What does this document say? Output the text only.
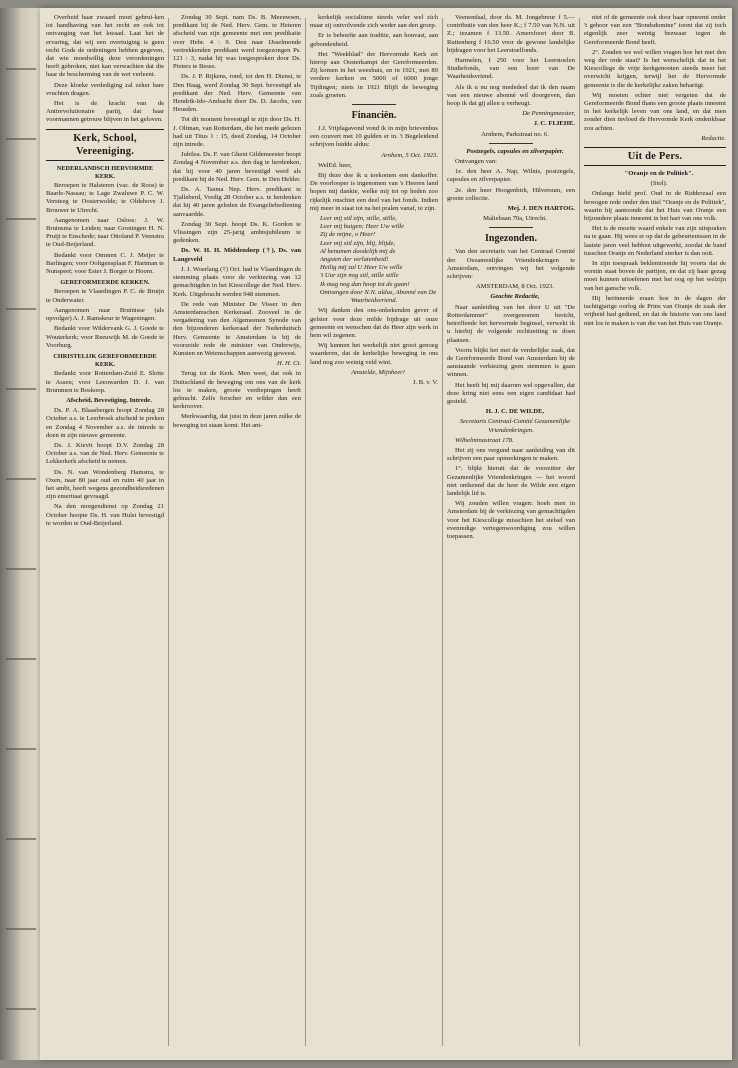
Overheid haar zwaard moet gebrui-ken tot handhaving van het recht en ook tot ontvanging van het kwaad. Laat het de ervaring, dat wij een overtuiging is geen recht Gods de ordeningen hebben gegeven, dat wie moedwillig deze verordeningen heeft gebroken, niet kan verwachten dat die haar de bescherming van de wet verleent.

Deze kloeke verdediging zal zeker hare vruchten dragen.

Het is de kracht van de Antirevolutionaire partij, dat haar voormannen getrouw blijven in het geloven.

Kerk, School, Vereeniging.
NEDERLANDSCH HERVORMDE KERK.

Beroepen te Halsteren (vac. de Roos) te Baarle-Nassau; te Lage Zwaluwe P. C. W. Versteeg te Oosterwolde; te Oldehove J. Brouwer te Utrecht.

Aangenomen naar Osloss: J. W. Bruinsma te Leiden; naar Groningen H. N. Pruijt te Enschede; naar Ottoland P. Veenstra te Oud-Beijerland.

Bedankt voor Ommen C. J. Meijer te Barlingen; voor Ooltgensplaat F. Hartman te Nunspeet; voor Ester J. Borger te Hoorn.

GEREFORMEERDE KERKEN.

Beroepen te Vlaardingen P. C. de Bruijn te Onderwater.

Aangenomen naar Bruinisse (als opvolger) A. J. Ramskeur te Wageningen.

Bedankt voor Wildervank G. J. Goede te Wouterkerk; voor Reeuwijk M. de Goede te Voorburg.

CHRISTELIJK GEREFORMEERDE KERK.

Bedankt voor Rotterdam-Zuid E. Slotte te Assen; voor Leeuwarden D. J. van Brummen te Boskoop.

Afscheid, Bevestiging, Intrede.

Ds. P. A. Blaasbergen hoopt Zondag 28 October a.s. te Leerbroek afscheid te preken en Zondag 4 November a.s. de intrede te doen in zijn nieuwe gemeente.

Ds. J. Kievit hoopt D.V. Zondag 28 October a.s. van de Ned. Herv. Gemeente te Lekkerkerk afscheid te nemen.

Ds. N. van Wondenberg Hamstra, te Oxen, naar 80 jaar oud en ruim 40 jaar in het ambt, heeft wegens gezondheidsredenen zijn emeritaat gevraagd.

Na den morgendienst op Zondag 21 October hoopte Ds. H. van Hulst bevestigd te worden te Oud-Beijerland.

Zondag 30 Sept. nam Ds. B. Meeuwsen, predikant bij de Ned. Herv. Gem. te Heteren afscheid van zijn gemeente met een predikatie over Hebr. 4 : 9. Den naar IJsselmonde vertrekkenden predikant werd toegezongen Ps. 121 : 3, nadat hij was toegesproken door Ds. Pieters te Besse.

Ds. J. P. Rijkens, rond, tot den H. Dienst, te Den Haag, werd Zondag 30 Sept. bevestigd als predikant der Ned. Herv. Gemeente van Hendrik-Ido-Ambacht door Ds. D. Jacobs, van Heusden.

Tot dit moment bevestigd te zijn door Ds. H. J. Oltman, van Rotterdam, die het mede gelezen had uit Titus 1 : 15, deed Zondag, 14 October zijn intrede.

Jubilea. Ds. F. van Ghent Gildemeester hoopt Zondag 4 November a.s. den dag te herdenken, dat hij voor 40 jaren bevestigd werd als predikant bij de Ned. Herv. Gem. te Den Helder.

Ds. A. Tasma Nep. Herv. predikant te Tjalleberd, Vredig 28 October a.s. te herdenken dat hij 40 jaren geleden de Evangeliebediening aanvaardde.

Zondag 30 Sept. hoopt Ds. K. Gordon te Vlissingen zijn 25-jarig ambtsjubileum te gedenken.

Ds. W. H. H. Middendorp (†), Ds. van Langeveld

J. J. Woerlang (†) Oct. had te Vlaardingen de stemming plaats voor de verkiezing van 12 gemachtigden in het Kiescollege der Ned. Herv. Kerk. Uitgebracht werden 948 stemmen.

De rede van Minister De Visser in den Amsterdamschen Kerkeraad. Zooveel in de vergadering van den Algemeenen Synode van den bijzonderen kerkeraad der Nederduitsch Herv. Gemeente te Amsterdam is bij de voorzeide rede de minister van Onderwijs, Kunsten en Wetenschappen aanwezig geweest.

H. H. Ct.

Terug tot de Kerk. Men weet, dat ook in Duitschland de beweging om ons van de kerk los te maken, groote verdiepingen heeft gebracht. Zelfs forscher en wilder dan een kerkroover.

Merkwaardig, dat juist in deze jaren zulke de beweging tot staan komt. Het ant-

kerkelijk socialisme steeds veler wel zich maar zij ontvolvende zich weder aan den groep.

Er is behoefte aan traditie, aan houvast, aan gebondenheid.

Het "Weekblad" der Hervormde Kerk zet hierop aan Oosterkampt der Gereformeerden. Zij komen in het weeshuis, en in 1921, met 80 verdere kerken en 5000 of 6000 jonge Tijdingen; niets in 1921 Blijft de beweging zoals groeien.

Financiën.

J.J. Vrijdagavond vond ik in mijn brievenbus een couvert met 10 gulden er in. 't Begeleidend schrijven luidde aldus:

Arnhem, 5 Oct. 1923.

WelEd. heer,

Bij deze doe ik u toekomen een dankoffer. De voorlooper is ingenomen van 's Heeren land hopen mij dankte, welke mij tot op heden zoo rijkelijk onschiet een deel van het fonds. Indien mij meer in staat tot na het pralen vanaf, te zijn.

Leer mij stil zijn, stille, stille,
Leer mij buigen; Heer Uw wille
Zij de mijne, o Heer!
Leer mij stil zijn, blij, blijde,
Al benamen doodelijk mij de
Angsten der verlatenheid!
Heilig mij zal U Heer Uw wille
't Uur zijn nog stil, stille stille
Ik mag nog dan hoop tot de gaan!

Ontvangen door N.N. aldus, Abonné van De Waarheidsvriend.

Wij danken den ons-onbekenden gever of gefster voor deze milde bijdrage uit onze gemeente en wenschen dat de Heer zijn werk in hem wil zegenen.

Wij kunnen het werkelijk niet groot genoeg waarderen, dat de kerkelijke beweging in ons land nog zoo weinig veld wint.

Amstelde, Mijnheer!

J. B. v. V.

Veenendaal, door ds. M. Jongebreur f 5.— contributie van den heer K.; f 7.50 van N.N. uit Z.; tezamen f 13.50. Amersfoort door B. Ruttenberg f 16.50 voor de gewone landelijke bijdragen voor het Leerstoelfonds.

Harmelen, f 250 voor het Leerstoelen Studiefonds, van een lezer van De Waarheidsvriend.

Als ik u nu nog mededeel dat ik den naam van een nieuwe abonné wil doorgeven, dan hoop ik dat gij allen u verheugt.

De Penningmeester,

J. C. FLIEHE.

Arnhem, Parkstraat no. 6.

Postzegels, capsules en zilverpapier.

Ontvangen van:

1e. den heer A. Nap, Wilnis, postzegels, capsules en zilverpapier.

2e. den heer Hoogenbirk, Hilversum, een groote collectie.

Mej. J. DEN HARTOG.

Maliebaan 70a, Utrecht.

Ingezonden.

Van den secretaris van het Centraal Comité der Oezamenlijke Vriendenkringen te Amsterdam, ontvingen wij het volgende schrijven:

AMSTERDAM, 8 Oct. 1923.

Geachte Redactie,

Naar aanleiding van het door U uit "De Rotterdammer" overgenomen bericht, betreffende het hervormde beginsel, verwekt ik u hierbij de volgende rechtzetting te doen plaatsen.

Voorts blijkt het met de verderlijke zaak, dat de Gereformeerde Bond van Amsterdam bij de aanstaande verkiezing geen stemmen is gaan winnen.

Het heeft bij mij daarom wel opgevallen, dat deze kring niet eens een eigen candidaat had gesteld.

H. J. C. DE WILDE,

Secretaris Centraal-Comité Gezamenlijke Vriendenkringen.

Wilhelminastraat 178.

Het zij ons vergund naar aanleiding van dit schrijven een paar opmerkingen te maken.

1°. blijkt hieruit dat de voorzitter der Gezamenlijke Vriendenkringen — het woord niet ontkennd dat de heer de Wilde een eigen landelijk lid is.

Wij zouden willen vragen: hoeh men in Amsterdam bij de verkiezing van gemachtigden voor het Kiescollege misschien het stelsel van evenredige vertegenwoordiging zou willen toepassen.

niet of de gemeente ook door haar opneemt onder 't gehoor van een "Bondsdomine" toont dat zij toch eigenlijk zeer weinig bezwaar tegen de Gereformeerde Bond heeft.

2°. Zouden we wel willen vragen hoe het met den weg der orde staat? Is het wenschelijk dat in het Kiescollege de vrije kerkgenooten steeds meer het overwicht krijgen, terwijl het de Hervormde gemeente is die de kerkelijke zaken behartigt.

Wij moeten echter niet vergeten dat de Gereformeerde Bond thans een groote plaats inneemt in het kerkelijk leven van ons land, en dat men zonder dien invloed de Hervormde Kerk ondenkbaar zou achten.

Redactie.

Uit de Pers.

"Oranje en de Politiek".

(Stol).

Onlangs hield prof. Oud in de Ridderzaal een bewogen rede onder den titel "Oranje en de Politiek", waarin hij aantoonde dat het Huis van Oranje een bijzondere plaats inneemt in het hart van ons volk.

Het is de moeite waard enkele van zijn uitspraken na te gaan. Hij wees er op dat de gebeurtenissen in de laatste jaren veel hebben uitgewerkt, zoodat de band tusschen Oranje en Nederland sterker is dan ooit.

In zijn toespraak beklemtoonde hij voorts dat de vorstin staat boven de partijen, en dat zij haar gezag moet kunnen uitoefenen met het oog op het welzijn van het gansche volk.

Hij herinnerde eraan hoe in de dagen der tachtigjarige oorlog de Prins van Oranje de zaak der vrijheid had gediend, en dat de historie van ons land niet los te maken is van die van het Huis van Oranje.
